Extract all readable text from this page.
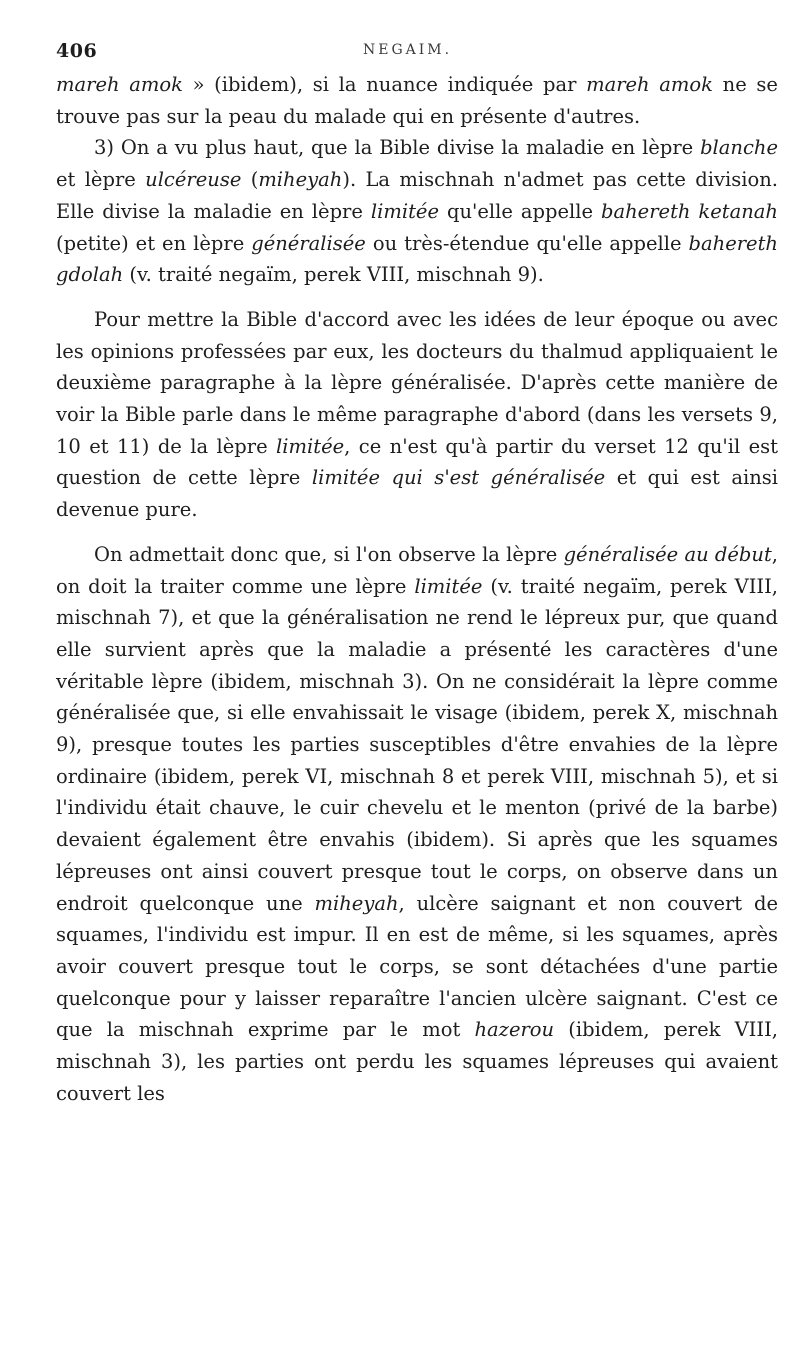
406	NEGAIM.

mareh amok » (ibidem), si la nuance indiquée par mareh amok ne se trouve pas sur la peau du malade qui en présente d'autres.

3) On a vu plus haut, que la Bible divise la maladie en lèpre blanche et lèpre ulcéreuse (miheyah). La mischnah n'admet pas cette division. Elle divise la maladie en lèpre limitée qu'elle appelle bahereth ketanah (petite) et en lèpre généralisée ou très-étendue qu'elle appelle bahereth gdolah (v. traité negaïm, perek VIII, mischnah 9).

Pour mettre la Bible d'accord avec les idées de leur époque ou avec les opinions professées par eux, les docteurs du thalmud appliquaient le deuxième paragraphe à la lèpre généralisée. D'après cette manière de voir la Bible parle dans le même paragraphe d'abord (dans les versets 9, 10 et 11) de la lèpre limitée, ce n'est qu'à partir du verset 12 qu'il est question de cette lèpre limitée qui s'est généralisée et qui est ainsi devenue pure.

On admettait donc que, si l'on observe la lèpre généralisée au début, on doit la traiter comme une lèpre limitée (v. traité negaïm, perek VIII, mischnah 7), et que la généralisation ne rend le lépreux pur, que quand elle survient après que la maladie a présenté les caractères d'une véritable lèpre (ibidem, mischnah 3). On ne considérait la lèpre comme généralisée que, si elle envahissait le visage (ibidem, perek X, mischnah 9), presque toutes les parties susceptibles d'être envahies de la lèpre ordinaire (ibidem, perek VI, mischnah 8 et perek VIII, mischnah 5), et si l'individu était chauve, le cuir chevelu et le menton (privé de la barbe) devaient également être envahis (ibidem). Si après que les squames lépreuses ont ainsi couvert presque tout le corps, on observe dans un endroit quelconque une miheyah, ulcère saignant et non couvert de squames, l'individu est impur. Il en est de même, si les squames, après avoir couvert presque tout le corps, se sont détachées d'une partie quelconque pour y laisser reparaître l'ancien ulcère saignant. C'est ce que la mischnah exprime par le mot hazerou (ibidem, perek VIII, mischnah 3), les parties ont perdu les squames lépreuses qui avaient couvert les
